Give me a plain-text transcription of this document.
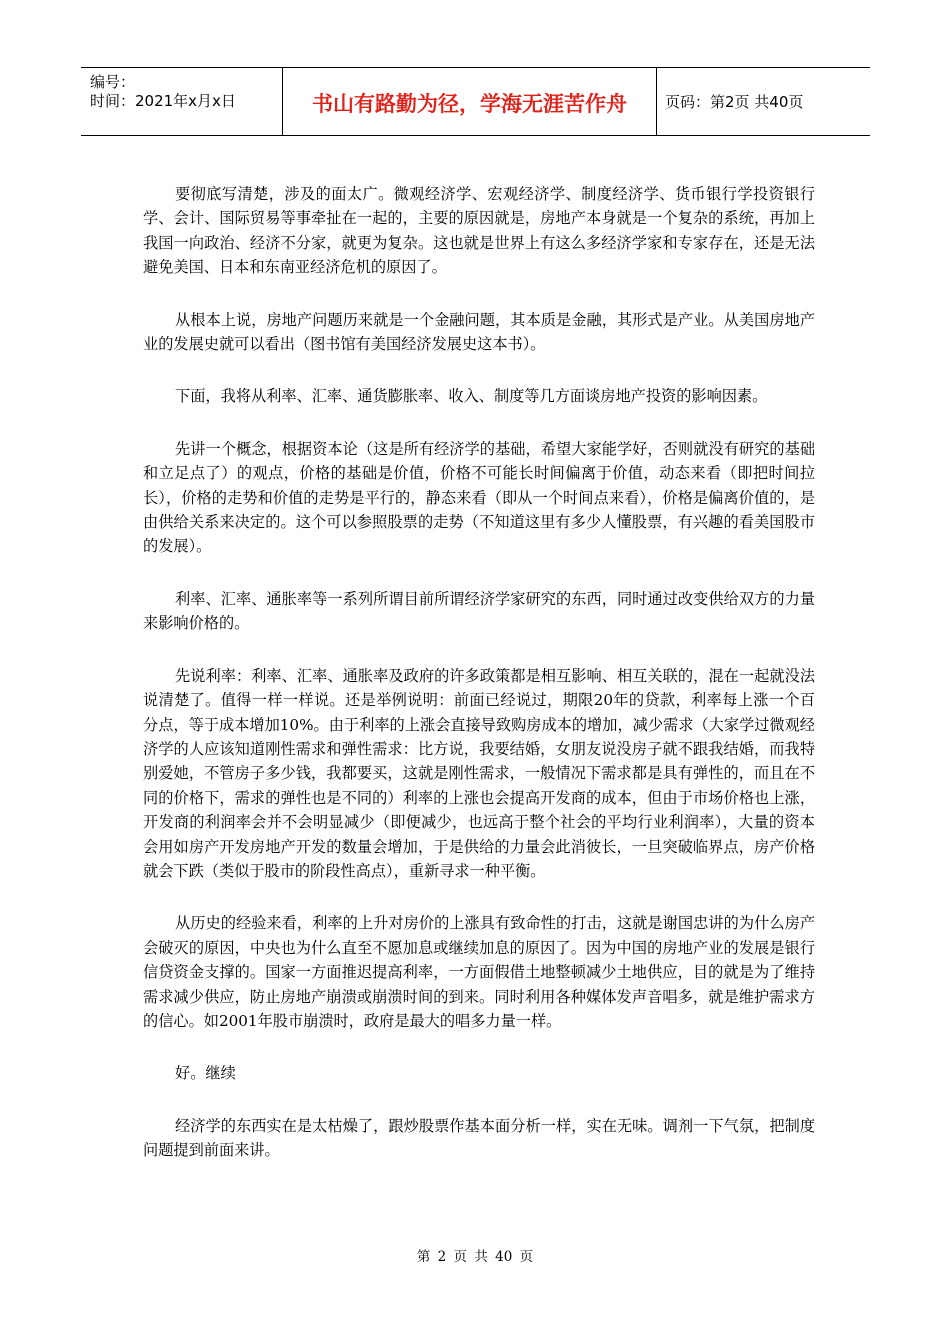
编号：
时间：2021年x月x日	书山有路勤为径，学海无涯苦作舟	页码：第2页 共40页

要彻底写清楚，涉及的面太广。微观经济学、宏观经济学、制度经济学、货币银行学投资银行学、会计、国际贸易等事牵扯在一起的，主要的原因就是，房地产本身就是一个复杂的系统，再加上我国一向政治、经济不分家，就更为复杂。这也就是世界上有这么多经济学家和专家存在，还是无法避免美国、日本和东南亚经济危机的原因了。

从根本上说，房地产问题历来就是一个金融问题，其本质是金融，其形式是产业。从美国房地产业的发展史就可以看出（图书馆有美国经济发展史这本书）。

下面，我将从利率、汇率、通货膨胀率、收入、制度等几方面谈房地产投资的影响因素。

先讲一个概念，根据资本论（这是所有经济学的基础，希望大家能学好，否则就没有研究的基础和立足点了）的观点，价格的基础是价值，价格不可能长时间偏离于价值，动态来看（即把时间拉长），价格的走势和价值的走势是平行的，静态来看（即从一个时间点来看），价格是偏离价值的，是由供给关系来决定的。这个可以参照股票的走势（不知道这里有多少人懂股票，有兴趣的看美国股市的发展）。

利率、汇率、通胀率等一系列所谓目前所谓经济学家研究的东西，同时通过改变供给双方的力量来影响价格的。

先说利率：利率、汇率、通胀率及政府的许多政策都是相互影响、相互关联的，混在一起就没法说清楚了。值得一样一样说。还是举例说明：前面已经说过，期限20年的贷款，利率每上涨一个百分点，等于成本增加10%。由于利率的上涨会直接导致购房成本的增加，减少需求（大家学过微观经济学的人应该知道刚性需求和弹性需求：比方说，我要结婚，女朋友说没房子就不跟我结婚，而我特别爱她，不管房子多少钱，我都要买，这就是刚性需求，一般情况下需求都是具有弹性的，而且在不同的价格下，需求的弹性也是不同的）利率的上涨也会提高开发商的成本，但由于市场价格也上涨，开发商的利润率会并不会明显减少（即便减少，也远高于整个社会的平均行业利润率），大量的资本会用如房产开发房地产开发的数量会增加，于是供给的力量会此消彼长，一旦突破临界点，房产价格就会下跌（类似于股市的阶段性高点），重新寻求一种平衡。

从历史的经验来看，利率的上升对房价的上涨具有致命性的打击，这就是谢国忠讲的为什么房产会破灭的原因，中央也为什么直至不愿加息或继续加息的原因了。因为中国的房地产业的发展是银行信贷资金支撑的。国家一方面推迟提高利率，一方面假借土地整顿减少土地供应，目的就是为了维持需求减少供应，防止房地产崩溃或崩溃时间的到来。同时利用各种媒体发声音唱多，就是维护需求方的信心。如2001年股市崩溃时，政府是最大的唱多力量一样。

好。继续

经济学的东西实在是太枯燥了，跟炒股票作基本面分析一样，实在无味。调剂一下气氛，把制度问题提到前面来讲。

第 2 页 共 40 页
